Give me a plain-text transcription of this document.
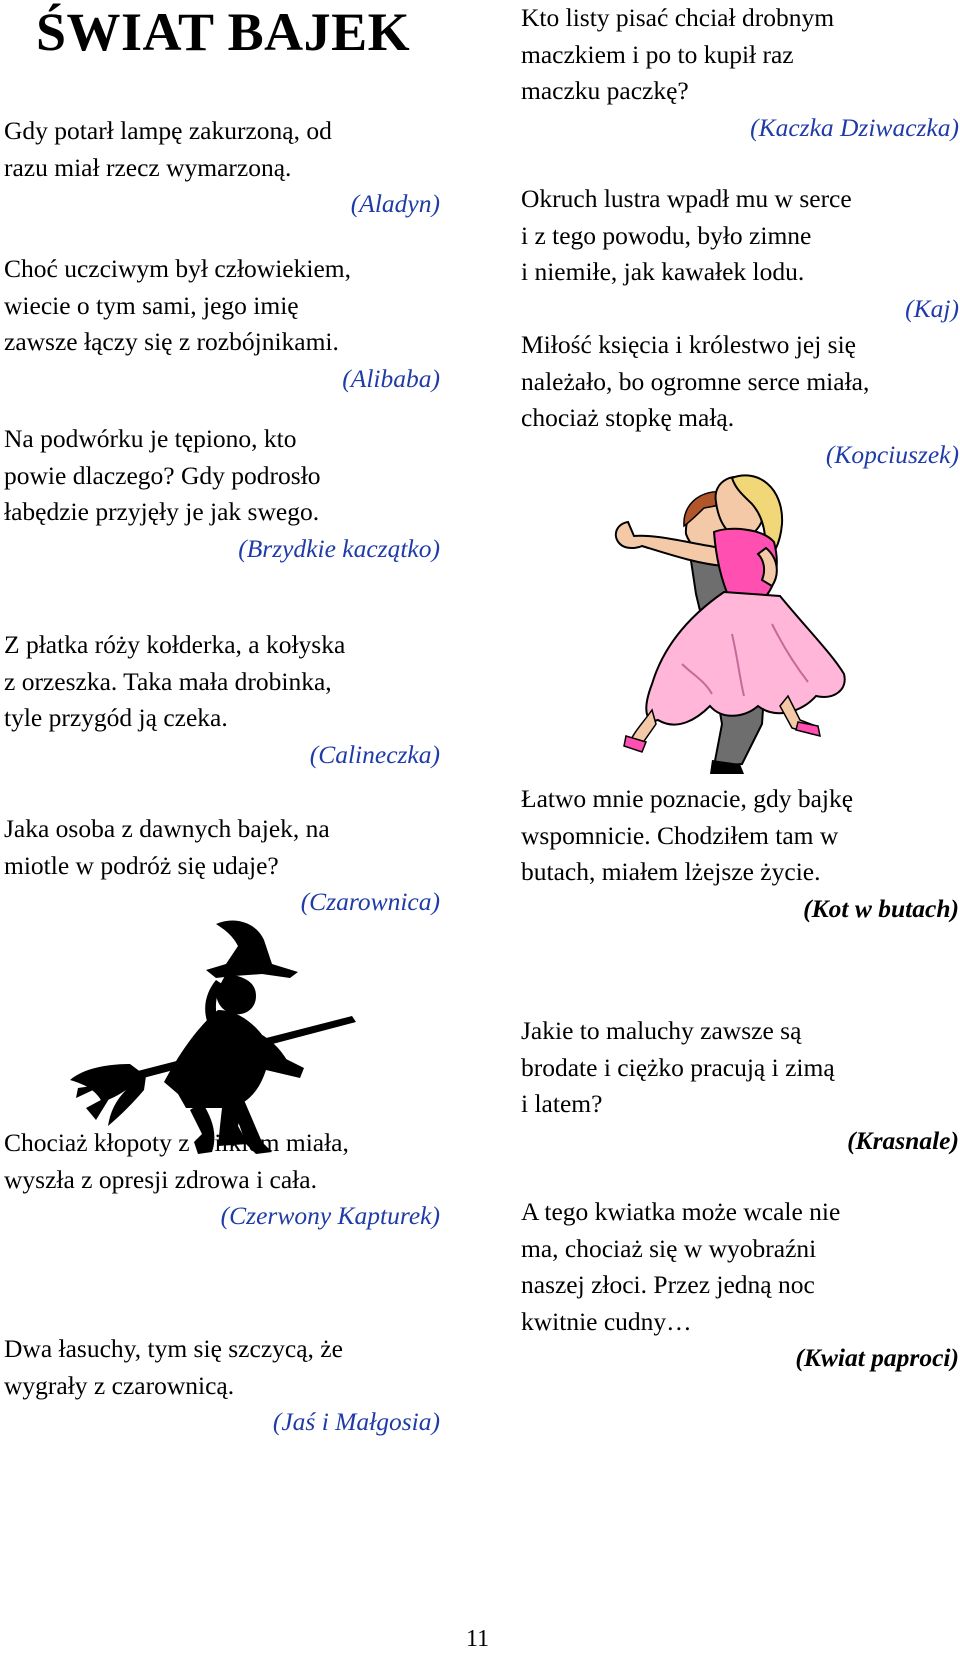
ŚWIAT BAJEK
Gdy potarł lampę zakurzoną, od
razu miał rzecz wymarzoną.
(Aladyn)
Choć uczciwym był człowiekiem,
wiecie o tym sami, jego imię
zawsze łączy się z rozbójnikami.
(Alibaba)
Na podwórku je tępiono, kto
powie dlaczego? Gdy podrosło
łabędzie przyjęły je jak swego.
(Brzydkie kaczątko)
Z płatka róży kołderka, a kołyska
z orzeszka. Taka mała drobinka,
tyle przygód ją czeka.
(Calineczka)
Jaka osoba z dawnych bajek, na
miotle w podróż się udaje?
(Czarownica)
Chociaż kłopoty z wilkiem miała,
wyszła z opresji zdrowa i cała.
(Czerwony Kapturek)
Dwa łasuchy, tym się szczycą, że
wygrały z czarownicą.
(Jaś i Małgosia)
Kto listy pisać chciał drobnym
maczkiem i po to kupił raz
maczku paczkę?
(Kaczka Dziwaczka)
Okruch lustra wpadł mu w serce
i z tego powodu, było zimne
i niemiłe, jak kawałek lodu.
(Kaj)
Miłość księcia i królestwo jej się
należało, bo ogromne serce miała,
chociaż stopkę małą.
(Kopciuszek)
Łatwo mnie poznacie, gdy bajkę
wspomnicie. Chodziłem tam w
butach, miałem lżejsze życie.
(Kot w butach)
Jakie to maluchy zawsze są
brodate i ciężko pracują i zimą
i latem?
(Krasnale)
A tego kwiatka może wcale nie
ma, chociaż się w wyobraźni
naszej złoci. Przez jedną noc
kwitnie cudny…
(Kwiat paproci)
11
